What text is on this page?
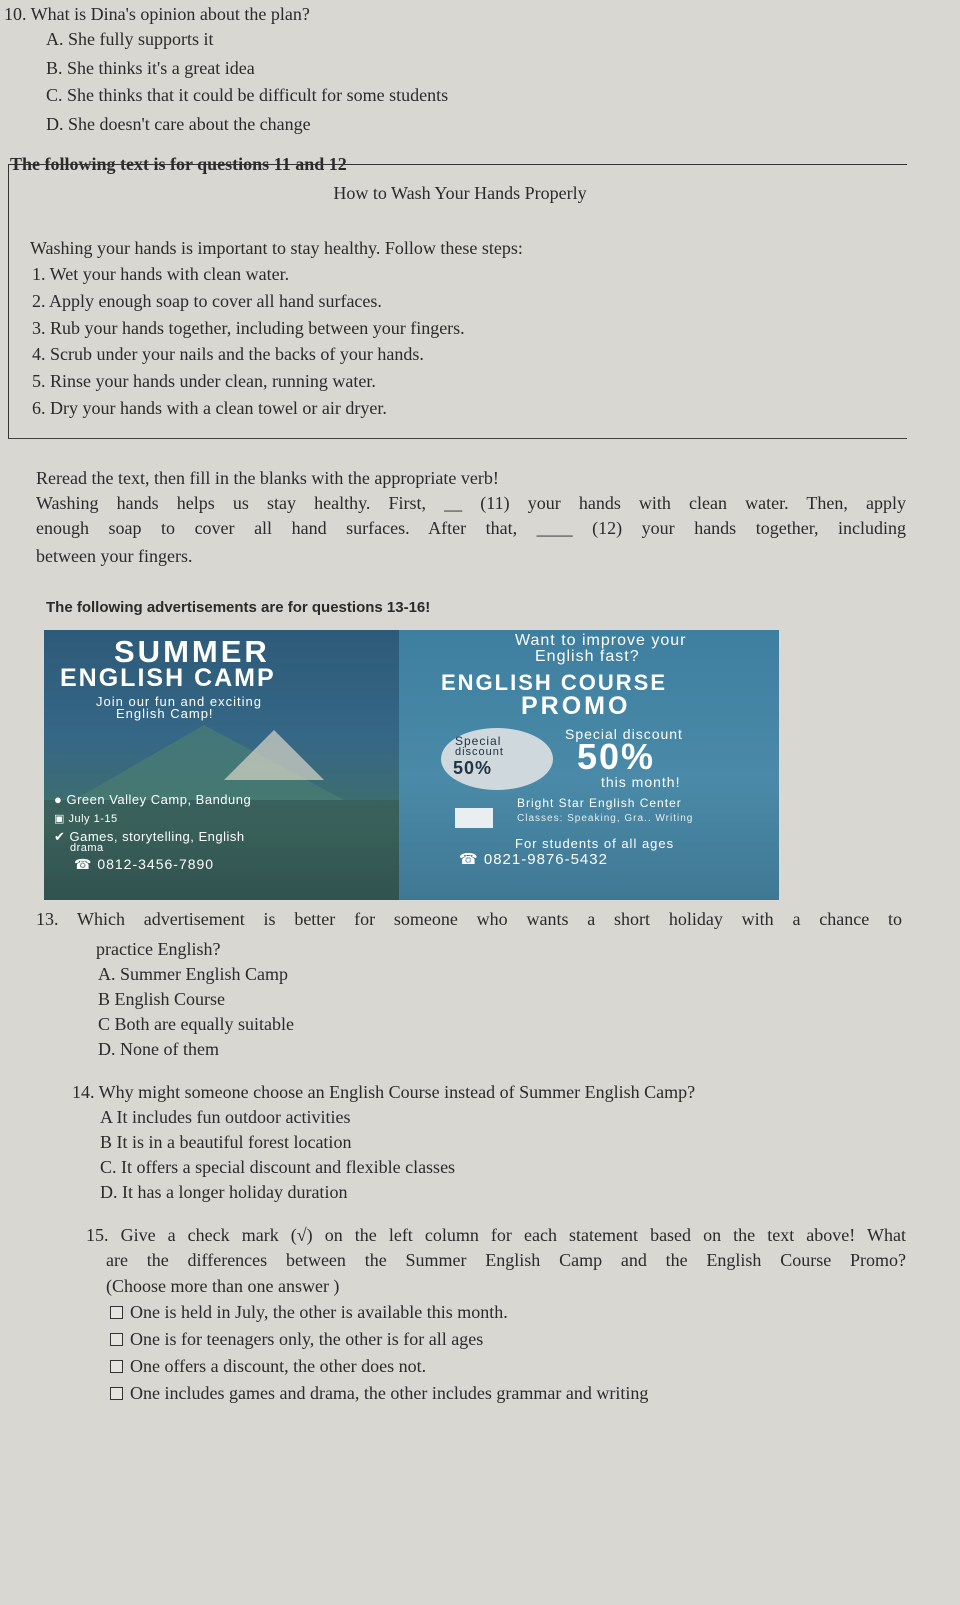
10. What is Dina's opinion about the plan?
A. She fully supports it
B. She thinks it's a great idea
C. She thinks that it could be difficult for some students
D. She doesn't care about the change
The following text is for questions 11 and 12
How to Wash Your Hands Properly
Washing your hands is important to stay healthy. Follow these steps:
1. Wet your hands with clean water.
2. Apply enough soap to cover all hand surfaces.
3. Rub your hands together, including between your fingers.
4. Scrub under your nails and the backs of your hands.
5. Rinse your hands under clean, running water.
6. Dry your hands with a clean towel or air dryer.
Reread the text, then fill in the blanks with the appropriate verb!
Washing hands helps us stay healthy. First, __ (11) your hands with clean water. Then, apply
enough soap to cover all hand surfaces. After that, ____ (12) your hands together, including
between your fingers.
The following advertisements are for questions 13-16!
SUMMER
ENGLISH CAMP
Join our fun and exciting
English Camp!
● Green Valley Camp, Bandung
▣ July 1-15
✔ Games, storytelling, English
drama
☎ 0812-3456-7890
Want to improve your
English fast?
ENGLISH COURSE
PROMO
Special
discount
50%
Special discount
50%
this month!
Bright Star English Center
Classes: Speaking, Gra.. Writing
For students of all ages
☎ 0821-9876-5432
13. Which advertisement is better for someone who wants a short holiday with a chance to
practice English?
A. Summer English Camp
B English Course
C Both are equally suitable
D. None of them
14. Why might someone choose an English Course instead of Summer English Camp?
A It includes fun outdoor activities
B It is in a beautiful forest location
C. It offers a special discount and flexible classes
D. It has a longer holiday duration
15. Give a check mark (√) on the left column for each statement based on the text above! What
are the differences between the Summer English Camp and the English Course Promo?
(Choose more than one answer )
One is held in July, the other is available this month.
One is for teenagers only, the other is for all ages
One offers a discount, the other does not.
One includes games and drama, the other includes grammar and writing
